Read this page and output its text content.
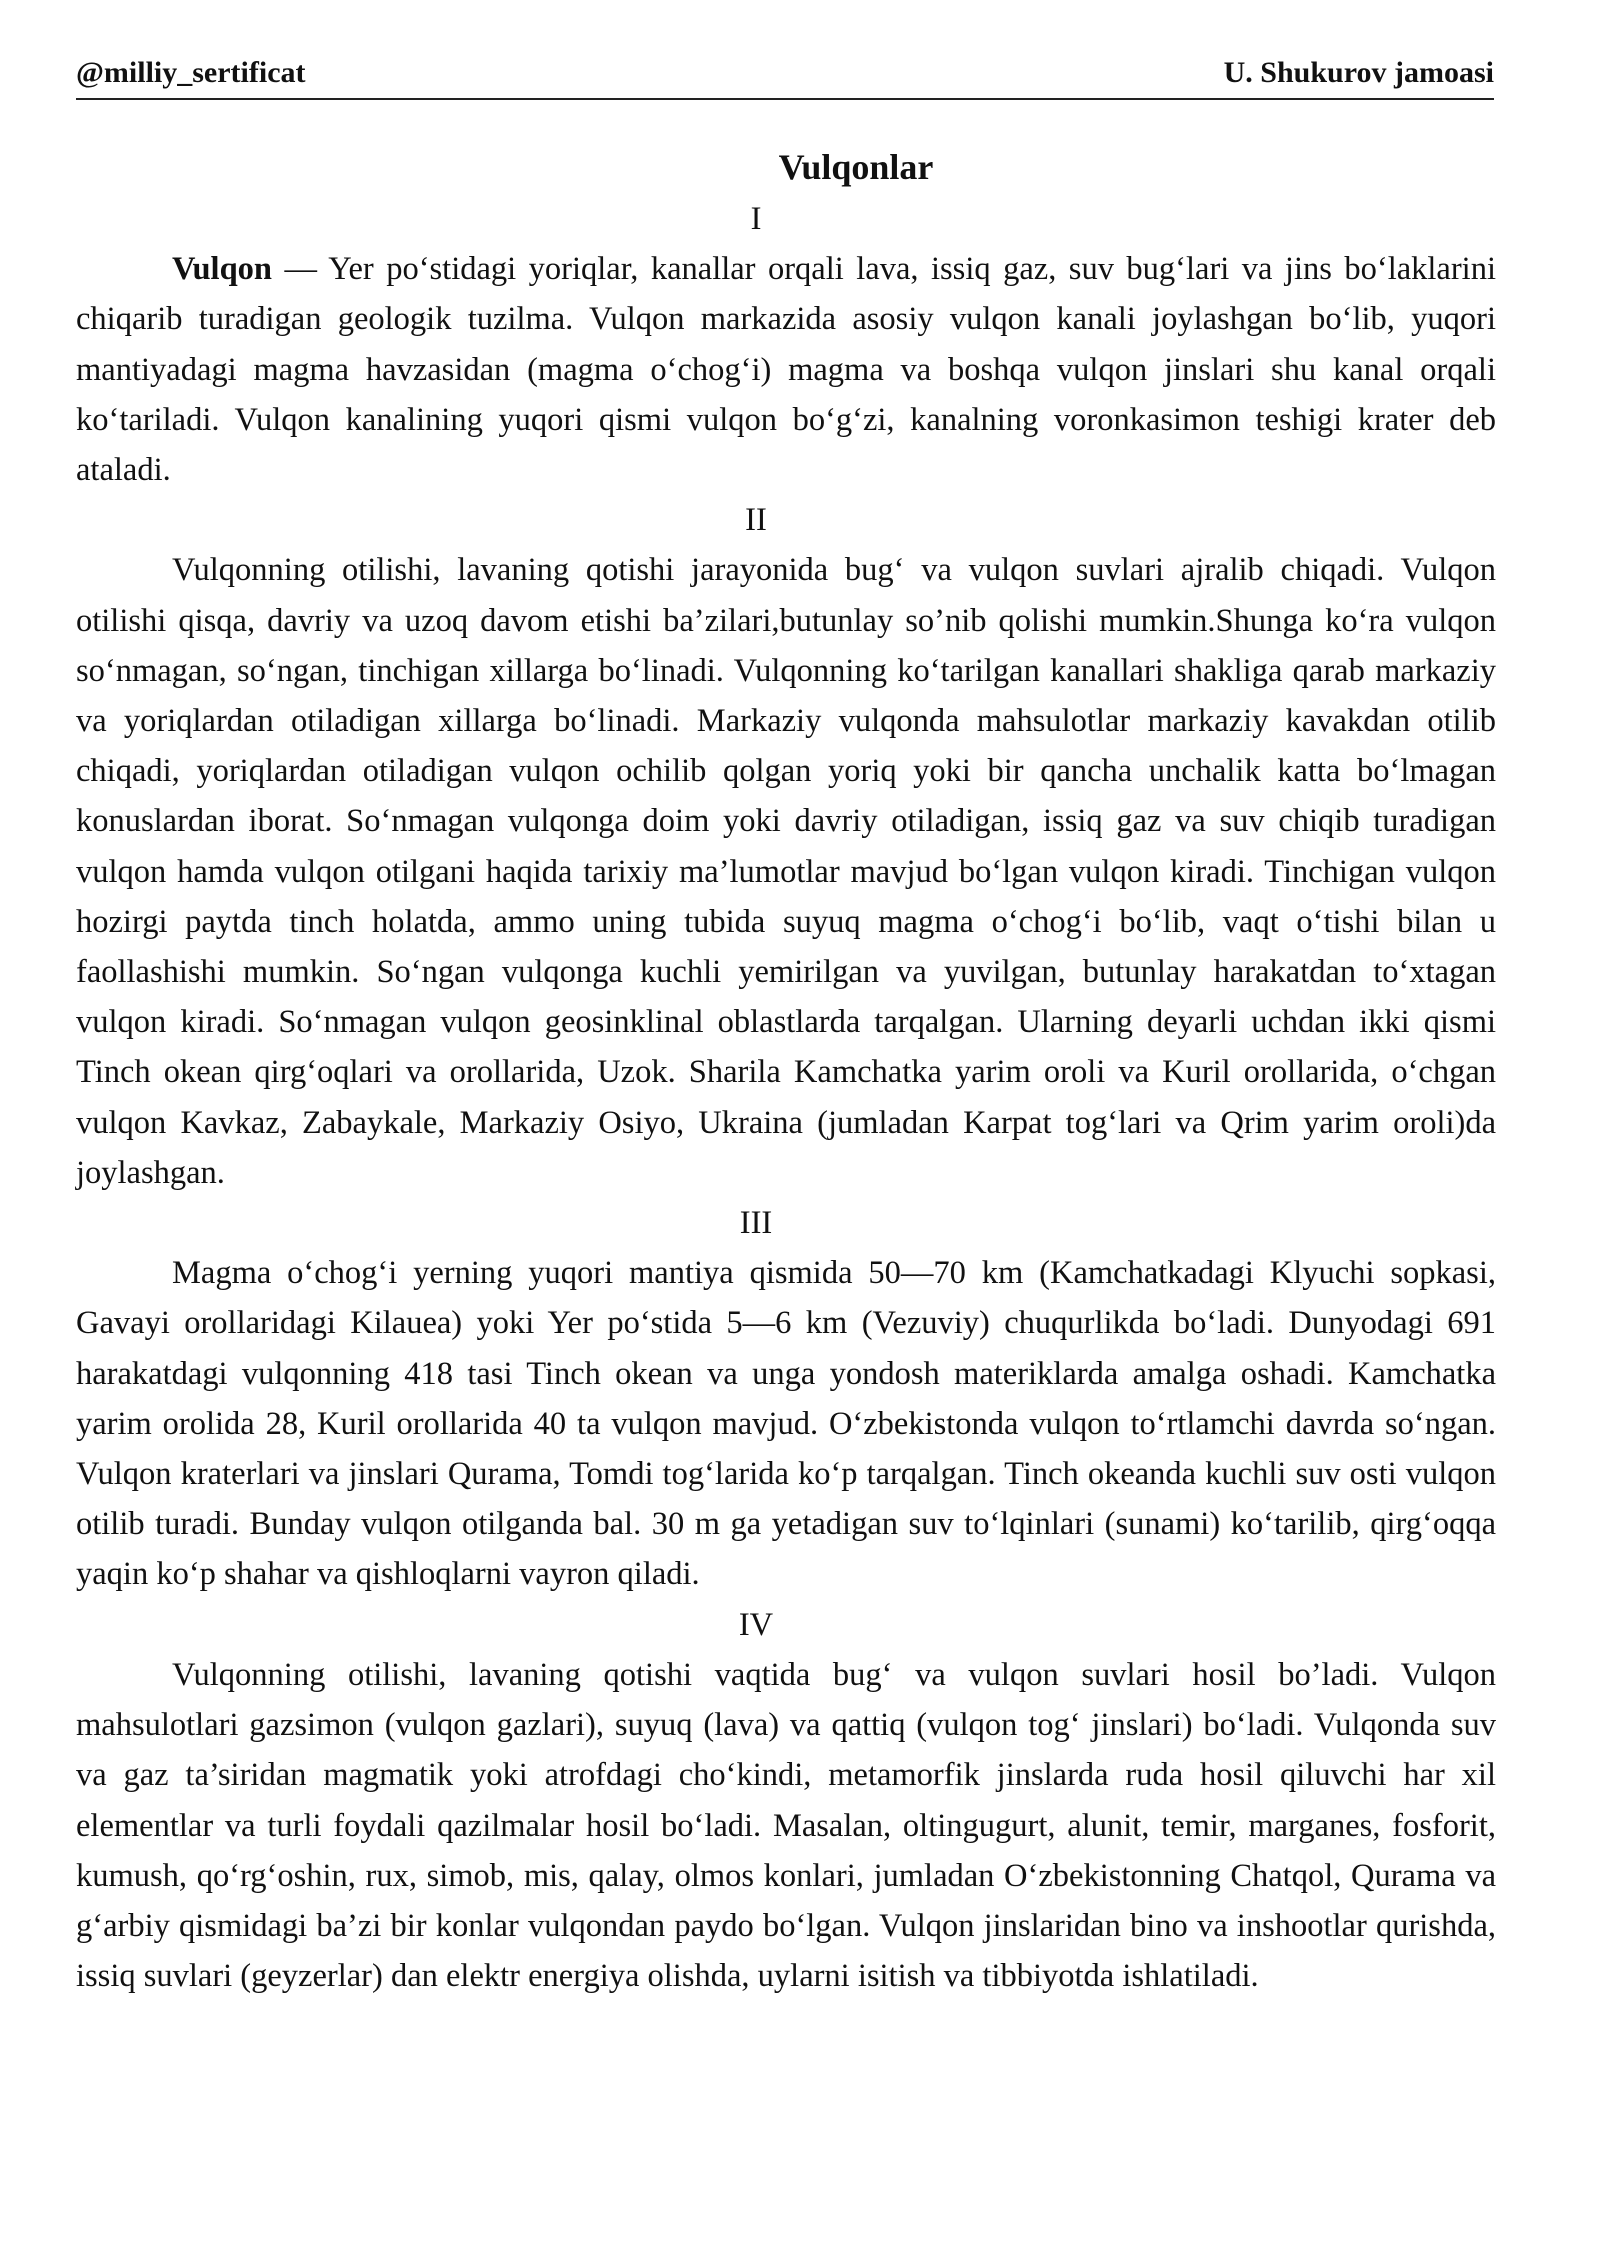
@milliy_sertificat	U. Shukurov jamoasi
Vulqonlar

I

Vulqon — Yer po‘stidagi yoriqlar, kanallar orqali lava, issiq gaz, suv bug‘lari va jins bo‘laklarini chiqarib turadigan geologik tuzilma. Vulqon markazida asosiy vulqon kanali joylashgan bo‘lib, yuqori mantiyadagi magma havzasidan (magma o‘chog‘i) magma va boshqa vulqon jinslari shu kanal orqali ko‘tariladi. Vulqon kanalining yuqori qismi vulqon bo‘g‘zi, kanalning voronkasimon teshigi krater deb ataladi.

II

Vulqonning otilishi, lavaning qotishi jarayonida bug‘ va vulqon suvlari ajralib chiqadi. Vulqon otilishi qisqa, davriy va uzoq davom etishi ba’zilari,butunlay so’nib qolishi mumkin.Shunga ko‘ra vulqon so‘nmagan, so‘ngan, tinchigan xillarga bo‘linadi. Vulqonning ko‘tarilgan kanallari shakliga qarab markaziy va yoriqlardan otiladigan xillarga bo‘linadi. Markaziy vulqonda mahsulotlar markaziy kavakdan otilib chiqadi, yoriqlardan otiladigan vulqon ochilib qolgan yoriq yoki bir qancha unchalik katta bo‘lmagan konuslardan iborat. So‘nmagan vulqonga doim yoki davriy otiladigan, issiq gaz va suv chiqib turadigan vulqon hamda vulqon otilgani haqida tarixiy ma’lumotlar mavjud bo‘lgan vulqon kiradi. Tinchigan vulqon hozirgi paytda tinch holatda, ammo uning tubida suyuq magma o‘chog‘i bo‘lib, vaqt o‘tishi bilan u faollashishi mumkin. So‘ngan vulqonga kuchli yemirilgan va yuvilgan, butunlay harakatdan to‘xtagan vulqon kiradi. So‘nmagan vulqon geosinklinal oblastlarda tarqalgan. Ularning deyarli uchdan ikki qismi Tinch okean qirg‘oqlari va orollarida, Uzok. Sharila Kamchatka yarim oroli va Kuril orollarida, o‘chgan vulqon Kavkaz, Zabaykale, Markaziy Osiyo, Ukraina (jumladan Karpat tog‘lari va Qrim yarim oroli)da joylashgan.

III

Magma o‘chog‘i yerning yuqori mantiya qismida 50—70 km (Kamchatkadagi Klyuchi sopkasi, Gavayi orollaridagi Kilauea) yoki Yer po‘stida 5—6 km (Vezuviy) chuqurlikda bo‘ladi. Dunyodagi 691 harakatdagi vulqonning 418 tasi Tinch okean va unga yondosh materiklarda amalga oshadi. Kamchatka yarim orolida 28, Kuril orollarida 40 ta vulqon mavjud. O‘zbekistonda vulqon to‘rtlamchi davrda so‘ngan. Vulqon krаterlari va jinslari Qurama, Tomdi tog‘larida ko‘p tarqalgan. Tinch okeanda kuchli suv osti vulqon otilib turadi. Bunday vulqon otilganda bal. 30 m ga yetadigan suv to‘lqinlari (sunami) ko‘tarilib, qirg‘oqqa yaqin ko‘p shahar va qishloqlarni vayron qiladi.

IV

Vulqonning otilishi, lavaning qotishi vaqtida bug‘ va vulqon suvlari hosil bo’ladi. Vulqon mahsulotlari gazsimon (vulqon gazlari), suyuq (lava) va qattiq (vulqon tog‘ jinslari) bo‘ladi. Vulqonda suv va gaz ta’siridan magmatik yoki atrofdagi cho‘kindi, metamorfik jinslarda ruda hosil qiluvchi har xil elementlar va turli foydali qazilmalar hosil bo‘ladi. Masalan, oltingugurt, alunit, temir, marganes, fosforit, kumush, qo‘rg‘oshin, rux, simob, mis, qalay, olmos konlari, jumladan O‘zbekistonning Chatqol, Qurama va g‘arbiy qismidagi ba’zi bir konlar vulqondan paydo bo‘lgan. Vulqon jinslaridan bino va inshootlar qurishda, issiq suvlari (geyzerlar) dan elektr energiya olishda, uylarni isitish va tibbiyotda ishlatiladi.
